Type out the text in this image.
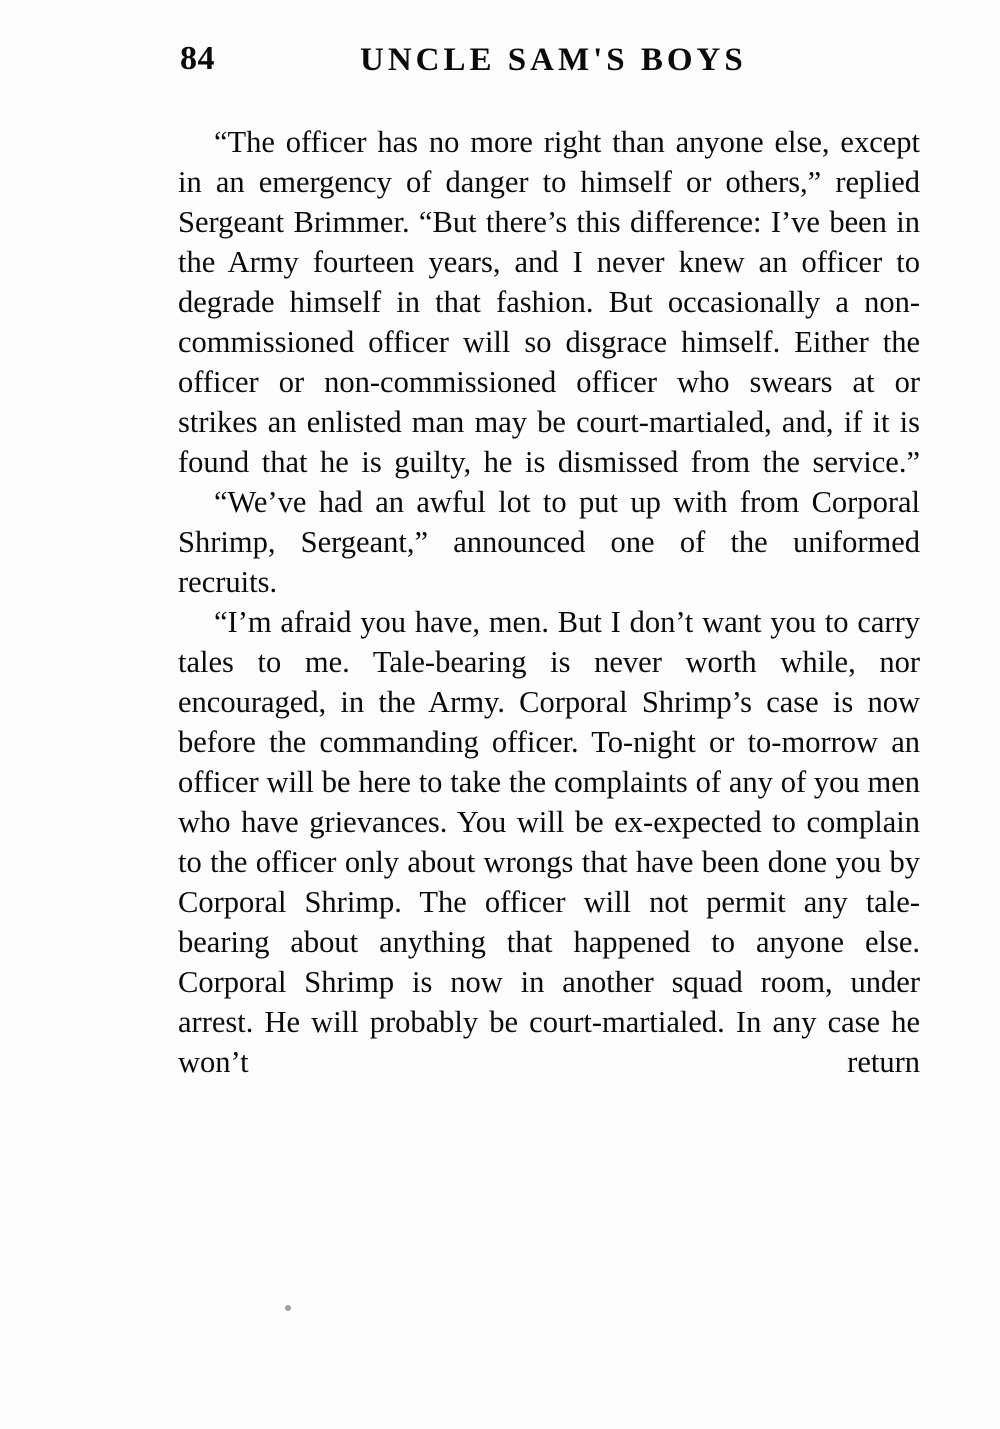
84	UNCLE SAM'S BOYS

“The officer has no more right than anyone else, except in an emergency of danger to himself or others,” replied Sergeant Brimmer. “But there’s this difference: I’ve been in the Army fourteen years, and I never knew an officer to degrade himself in that fashion. But occasionally a non-commissioned officer will so disgrace himself. Either the officer or non-commissioned officer who swears at or strikes an enlisted man may be court-martialed, and, if it is found that he is guilty, he is dismissed from the service.”

“We’ve had an awful lot to put up with from Corporal Shrimp, Sergeant,” announced one of the uniformed recruits.

“I’m afraid you have, men. But I don’t want you to carry tales to me. Tale-bearing is never worth while, nor encouraged, in the Army. Corporal Shrimp’s case is now before the commanding officer. To-night or to-morrow an officer will be here to take the complaints of any of you men who have grievances. You will be ex-expected to complain to the officer only about wrongs that have been done you by Corporal Shrimp. The officer will not permit any tale-bearing about anything that happened to anyone else. Corporal Shrimp is now in another squad room, under arrest. He will probably be court-martialed. In any case he won’t return
